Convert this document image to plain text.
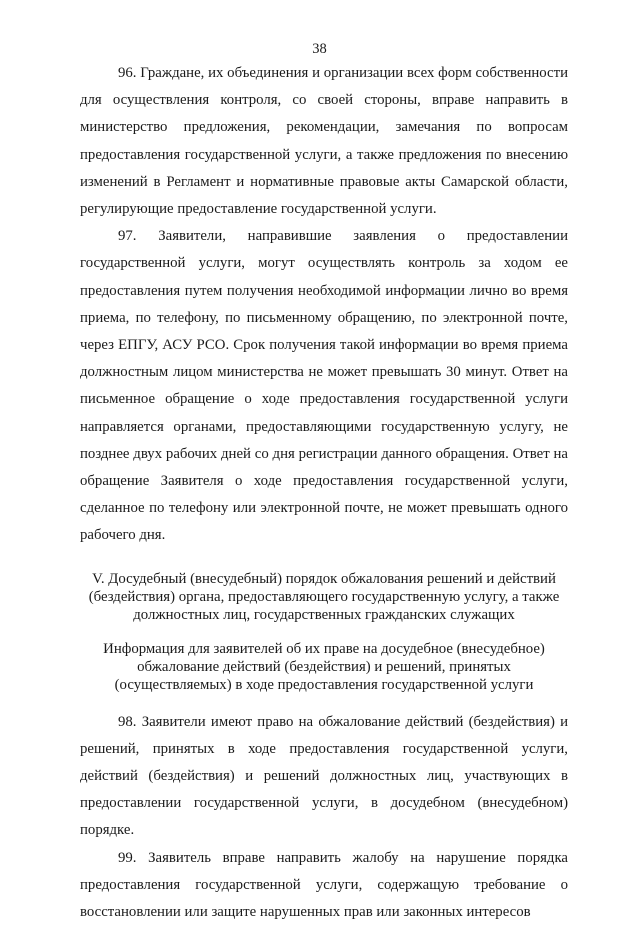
38

96. Граждане, их объединения и организации всех форм собственности для осуществления контроля, со своей стороны, вправе направить в министерство предложения, рекомендации, замечания по вопросам предоставления государственной услуги, а также предложения по внесению изменений в Регламент и нормативные правовые акты Самарской области, регулирующие предоставление государственной услуги.

97. Заявители, направившие заявления о предоставлении государственной услуги, могут осуществлять контроль за ходом ее предоставления путем получения необходимой информации лично во время приема, по телефону, по письменному обращению, по электронной почте, через ЕПГУ, АСУ РСО. Срок получения такой информации во время приема должностным лицом министерства не может превышать 30 минут. Ответ на письменное обращение о ходе предоставления государственной услуги направляется органами, предоставляющими государственную услугу, не позднее двух рабочих дней со дня регистрации данного обращения. Ответ на обращение Заявителя о ходе предоставления государственной услуги, сделанное по телефону или электронной почте, не может превышать одного рабочего дня.

V. Досудебный (внесудебный) порядок обжалования решений и действий
(бездействия) органа, предоставляющего государственную услугу, а также
должностных лиц, государственных гражданских служащих
Информация для заявителей об их праве на досудебное (внесудебное)
обжалование действий (бездействия) и решений, принятых
(осуществляемых) в ходе предоставления государственной услуги

98. Заявители имеют право на обжалование действий (бездействия) и решений, принятых в ходе предоставления государственной услуги, действий (бездействия) и решений должностных лиц, участвующих в предоставлении государственной услуги, в досудебном (внесудебном) порядке.

99. Заявитель вправе направить жалобу на нарушение порядка предоставления государственной услуги, содержащую требование о восстановлении или защите нарушенных прав или законных интересов
